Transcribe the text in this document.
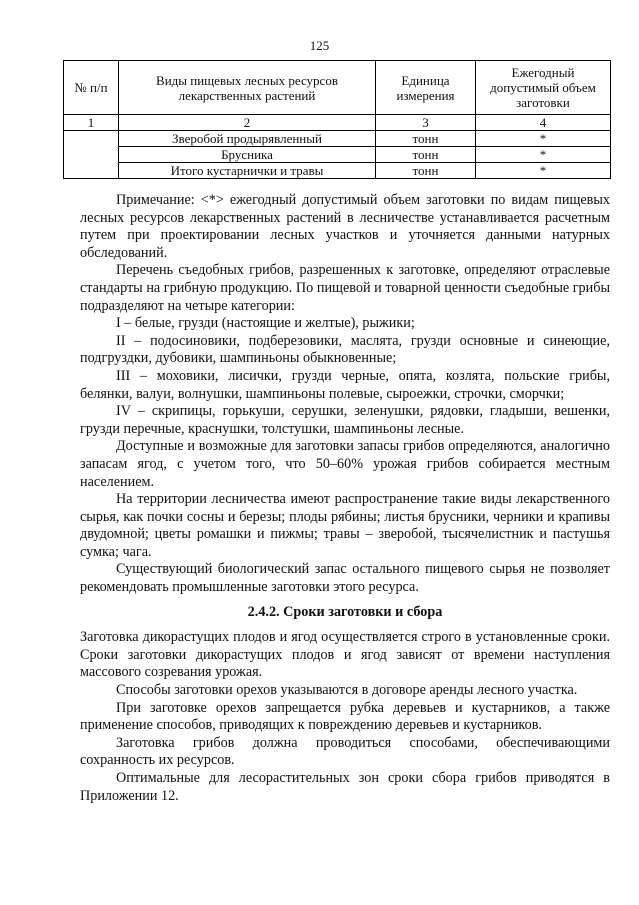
125
№ п/п	Виды пищевых лесных ресурсов лекарственных растений	Единица измерения	Ежегодный допустимый объем заготовки
1	2	3	4
	Зверобой продырявленный	тонн	*
	Брусника	тонн	*
	Итого кустарнички и травы	тонн	*

Примечание: <*> ежегодный допустимый объем заготовки по видам пищевых лесных ресурсов лекарственных растений в лесничестве устанавливается расчетным путем при проектировании лесных участков и уточняется данными натурных обследований.

Перечень съедобных грибов, разрешенных к заготовке, определяют отраслевые стандарты на грибную продукцию. По пищевой и товарной ценности съедобные грибы подразделяют на четыре категории:

I – белые, грузди (настоящие и желтые), рыжики;

II – подосиновики, подберезовики, маслята, грузди основные и синеющие, подгруздки, дубовики, шампиньоны обыкновенные;

III – моховики, лисички, грузди черные, опята, козлята, польские грибы, белянки, валуи, волнушки, шампиньоны полевые, сыроежки, строчки, сморчки;

IV – скрипицы, горькуши, серушки, зеленушки, рядовки, гладыши, вешенки, грузди перечные, краснушки, толстушки, шампиньоны лесные.

Доступные и возможные для заготовки запасы грибов определяются, аналогично запасам ягод, с учетом того, что 50–60% урожая грибов собирается местным населением.

На территории лесничества имеют распространение такие виды лекарственного сырья, как почки сосны и березы; плоды рябины; листья брусники, черники и крапивы двудомной; цветы ромашки и пижмы; травы – зверобой, тысячелистник и пастушья сумка; чага.

Существующий биологический запас остального пищевого сырья не позволяет рекомендовать промышленные заготовки этого ресурса.

2.4.2. Сроки заготовки и сбора

Заготовка дикорастущих плодов и ягод осуществляется строго в установленные сроки. Сроки заготовки дикорастущих плодов и ягод зависят от времени наступления массового созревания урожая.

Способы заготовки орехов указываются в договоре аренды лесного участка.

При заготовке орехов запрещается рубка деревьев и кустарников, а также применение способов, приводящих к повреждению деревьев и кустарников.

Заготовка грибов должна проводиться способами, обеспечивающими сохранность их ресурсов.

Оптимальные для лесорастительных зон сроки сбора грибов приводятся в Приложении 12.
